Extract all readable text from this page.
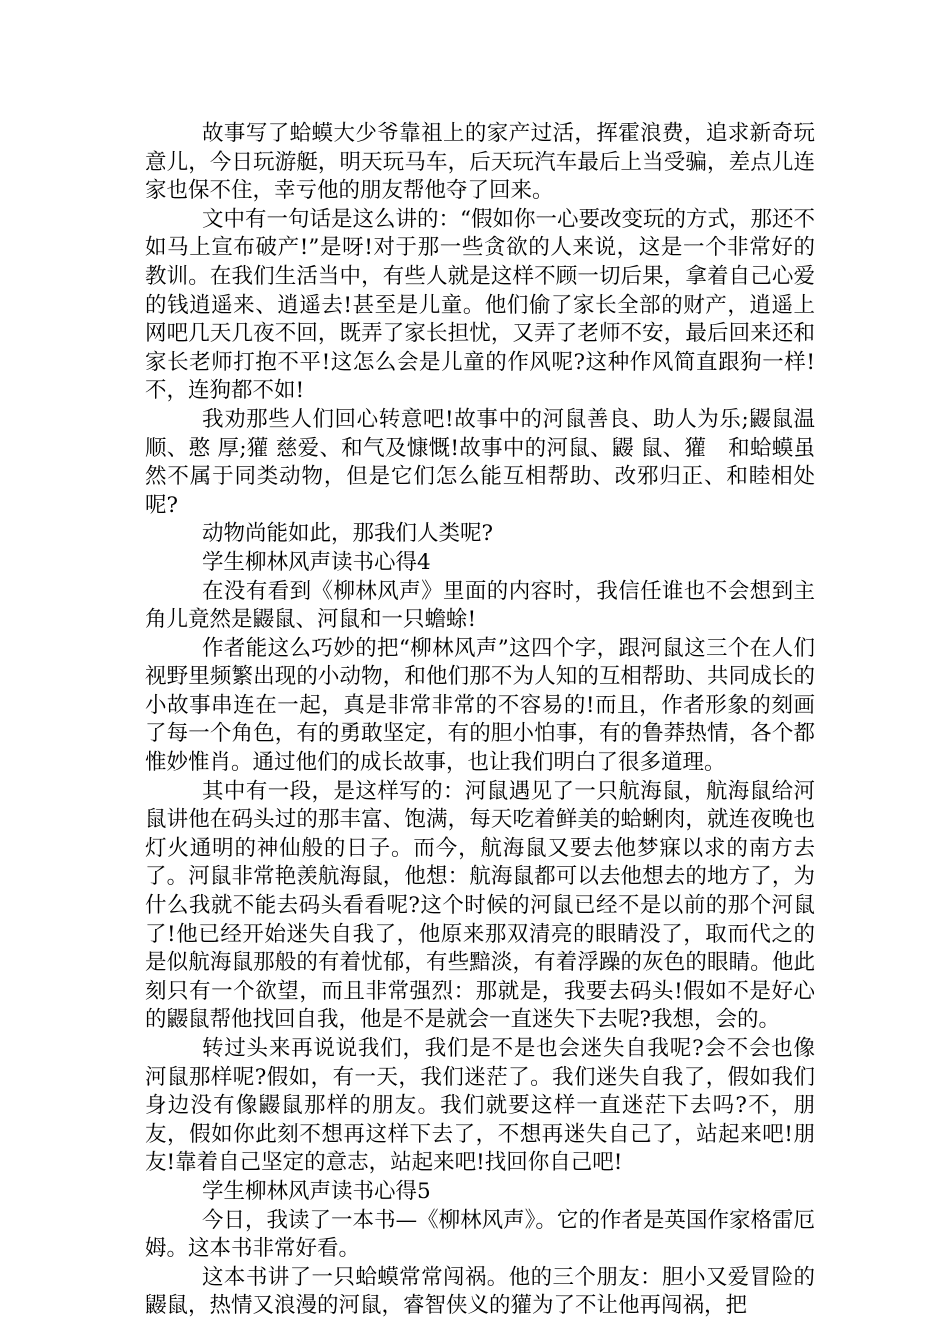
故事写了蛤蟆大少爷靠祖上的家产过活，挥霍浪费，追求新奇玩意儿，今日玩游艇，明天玩马车，后天玩汽车最后上当受骗，差点儿连家也保不住，幸亏他的朋友帮他夺了回来。

文中有一句话是这么讲的：“假如你一心要改变玩的方式，那还不如马上宣布破产!”是呀!对于那一些贪欲的人来说，这是一个非常好的教训。在我们生活当中，有些人就是这样不顾一切后果，拿着自己心爱的钱逍遥来、逍遥去!甚至是儿童。他们偷了家长全部的财产，逍遥上网吧几天几夜不回，既弄了家长担忧，又弄了老师不安，最后回来还和家长老师打抱不平!这怎么会是儿童的作风呢?这种作风简直跟狗一样!不，连狗都不如!

我劝那些人们回心转意吧!故事中的河鼠善良、助人为乐;鼹鼠温顺、憨 厚;獾 慈爱、和气及慷慨!故事中的河鼠、鼹 鼠、獾　和蛤蟆虽然不属于同类动物，但是它们怎么能互相帮助、改邪归正、和睦相处呢?

动物尚能如此，那我们人类呢?

学生柳林风声读书心得4

在没有看到《柳林风声》里面的内容时，我信任谁也不会想到主角儿竟然是鼹鼠、河鼠和一只蟾蜍!

作者能这么巧妙的把“柳林风声”这四个字，跟河鼠这三个在人们视野里频繁出现的小动物，和他们那不为人知的互相帮助、共同成长的小故事串连在一起，真是非常非常的不容易的!而且，作者形象的刻画了每一个角色，有的勇敢坚定，有的胆小怕事，有的鲁莽热情，各个都惟妙惟肖。通过他们的成长故事，也让我们明白了很多道理。

其中有一段，是这样写的：河鼠遇见了一只航海鼠，航海鼠给河鼠讲他在码头过的那丰富、饱满，每天吃着鲜美的蛤蜊肉，就连夜晚也灯火通明的神仙般的日子。而今，航海鼠又要去他梦寐以求的南方去了。河鼠非常艳羡航海鼠，他想：航海鼠都可以去他想去的地方了，为什么我就不能去码头看看呢?这个时候的河鼠已经不是以前的那个河鼠了!他已经开始迷失自我了，他原来那双清亮的眼睛没了，取而代之的是似航海鼠那般的有着忧郁，有些黯淡，有着浮躁的灰色的眼睛。他此刻只有一个欲望，而且非常强烈：那就是，我要去码头!假如不是好心的鼹鼠帮他找回自我，他是不是就会一直迷失下去呢?我想，会的。

转过头来再说说我们，我们是不是也会迷失自我呢?会不会也像河鼠那样呢?假如，有一天，我们迷茫了。我们迷失自我了，假如我们身边没有像鼹鼠那样的朋友。我们就要这样一直迷茫下去吗?不，朋友，假如你此刻不想再这样下去了，不想再迷失自己了，站起来吧!朋友!靠着自己坚定的意志，站起来吧!找回你自己吧!

学生柳林风声读书心得5

今日，我读了一本书—《柳林风声》。它的作者是英国作家格雷厄姆。这本书非常好看。

这本书讲了一只蛤蟆常常闯祸。他的三个朋友：胆小又爱冒险的鼹鼠，热情又浪漫的河鼠，睿智侠义的獾为了不让他再闯祸，把
